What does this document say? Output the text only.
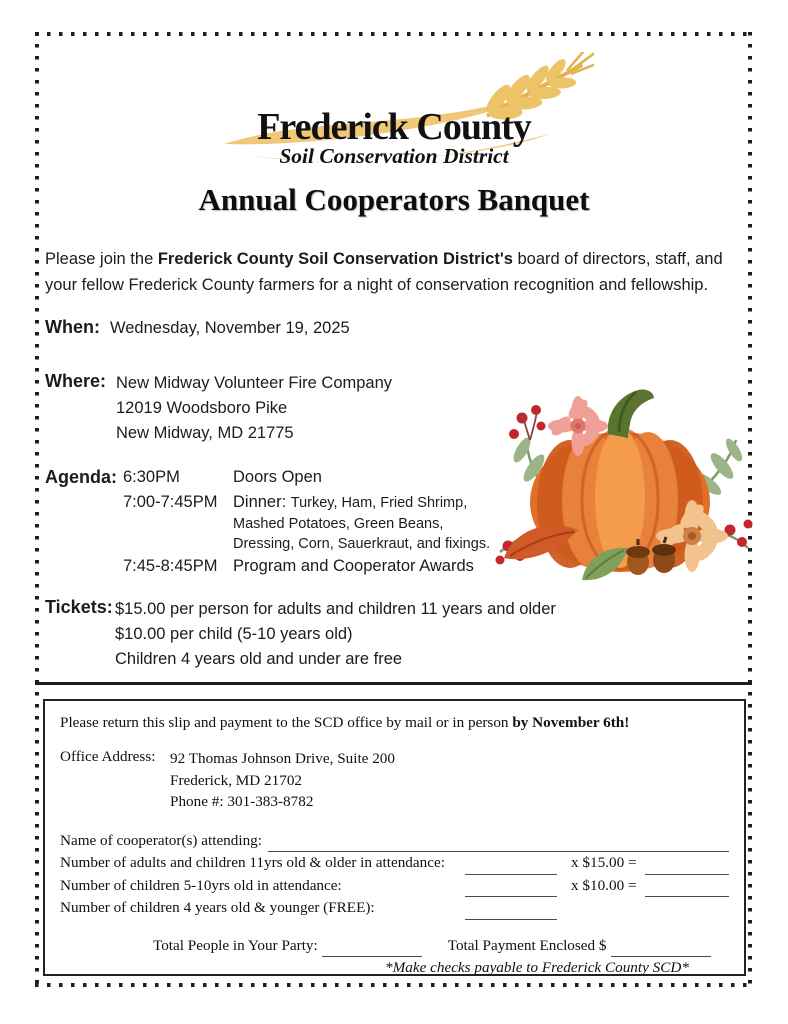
Frederick County
Soil Conservation District
Annual Cooperators Banquet
Please join the Frederick County Soil Conservation District's board of directors, staff, and
your fellow Frederick County farmers for a night of conservation recognition and fellowship.
When: Wednesday, November 19, 2025
Where: New Midway Volunteer Fire Company
12019 Woodsboro Pike
New Midway, MD 21775
Agenda: 6:30PM	Doors Open
7:00-7:45PM Dinner: Turkey, Ham, Fried Shrimp,
Mashed Potatoes, Green Beans,
Dressing, Corn, Sauerkraut, and fixings.
7:45-8:45PM Program and Cooperator Awards
Tickets: $15.00 per person for adults and children 11 years and older
$10.00 per child (5-10 years old)
Children 4 years old and under are free
Please return this slip and payment to the SCD office by mail or in person by November 6th!
Office Address: 92 Thomas Johnson Drive, Suite 200
Frederick, MD 21702
Phone #: 301-383-8782
Name of cooperator(s) attending:
Number of adults and children 11yrs old & older in attendance:	x $15.00 =
Number of children 5-10yrs old in attendance:	x $10.00 =
Number of children 4 years old & younger (FREE):
Total People in Your Party:	Total Payment Enclosed $
*Make checks payable to Frederick County SCD*
